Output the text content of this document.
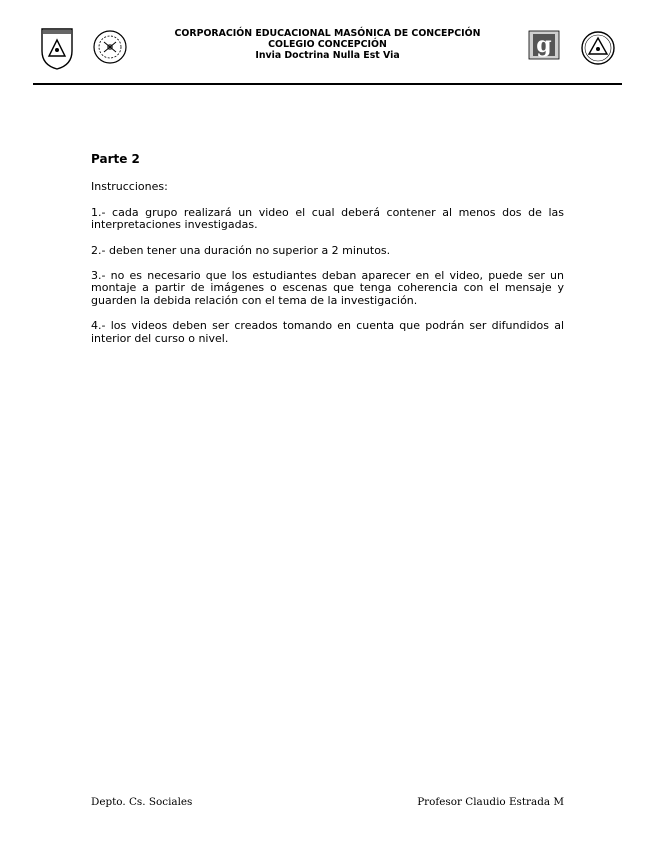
CORPORACIÓN EDUCACIONAL MASÓNICA DE CONCEPCIÓN
COLEGIO CONCEPCIÓN
Invia Doctrina Nulla Est Via	g

Parte 2

Instrucciones:

1.- cada grupo realizará un video el cual deberá contener al menos dos de las interpretaciones investigadas.

2.- deben tener una duración no superior a 2 minutos.

3.- no es necesario que los estudiantes deban aparecer en el video, puede ser un montaje a partir de imágenes o escenas que tenga coherencia con el mensaje y guarden la debida relación con el tema de la investigación.

4.- los videos deben ser creados tomando en cuenta que podrán ser difundidos al interior del curso o nivel.

Depto. Cs. Sociales	Profesor Claudio Estrada M
